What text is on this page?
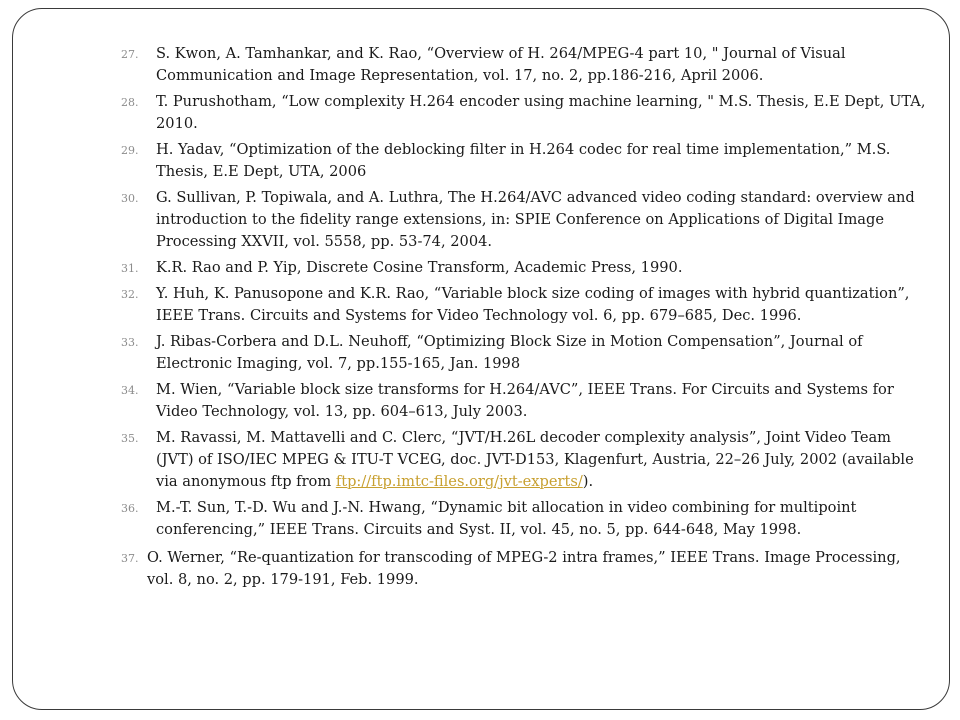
27. S. Kwon, A. Tamhankar, and K. Rao, “Overview of H. 264/MPEG-4 part 10, " Journal of Visual Communication and Image Representation, vol. 17, no. 2, pp.186-216, April 2006.
28. T. Purushotham, “Low complexity H.264 encoder using machine learning, " M.S. Thesis, E.E Dept, UTA, 2010.
29. H. Yadav, “Optimization of the deblocking filter in H.264 codec for real time implementation,” M.S. Thesis, E.E Dept, UTA, 2006
30. G. Sullivan, P. Topiwala, and A. Luthra, The H.264/AVC advanced video coding standard: overview and introduction to the fidelity range extensions, in: SPIE Conference on Applications of Digital Image Processing XXVII, vol. 5558, pp. 53-74, 2004.
31. K.R. Rao and P. Yip, Discrete Cosine Transform, Academic Press, 1990.
32. Y. Huh, K. Panusopone and K.R. Rao, “Variable block size coding of images with hybrid quantization”, IEEE Trans. Circuits and Systems for Video Technology vol. 6, pp. 679–685, Dec. 1996.
33. J. Ribas-Corbera and D.L. Neuhoff, “Optimizing Block Size in Motion Compensation”, Journal of Electronic Imaging, vol. 7, pp.155-165, Jan. 1998
34. M. Wien, “Variable block size transforms for H.264/AVC”, IEEE Trans. For Circuits and Systems for Video Technology, vol. 13, pp. 604–613, July 2003.
35. M. Ravassi, M. Mattavelli and C. Clerc, “JVT/H.26L decoder complexity analysis”, Joint Video Team (JVT) of ISO/IEC MPEG & ITU-T VCEG, doc. JVT-D153, Klagenfurt, Austria, 22–26 July, 2002 (available via anonymous ftp from ftp://ftp.imtc-files.org/jvt-experts/).
36. M.-T. Sun, T.-D. Wu and J.-N. Hwang, “Dynamic bit allocation in video combining for multipoint conferencing,” IEEE Trans. Circuits and Syst. II, vol. 45, no. 5, pp. 644-648, May 1998.
37. O. Werner, “Re-quantization for transcoding of MPEG-2 intra frames,” IEEE Trans. Image Processing, vol. 8, no. 2, pp. 179-191, Feb. 1999.
